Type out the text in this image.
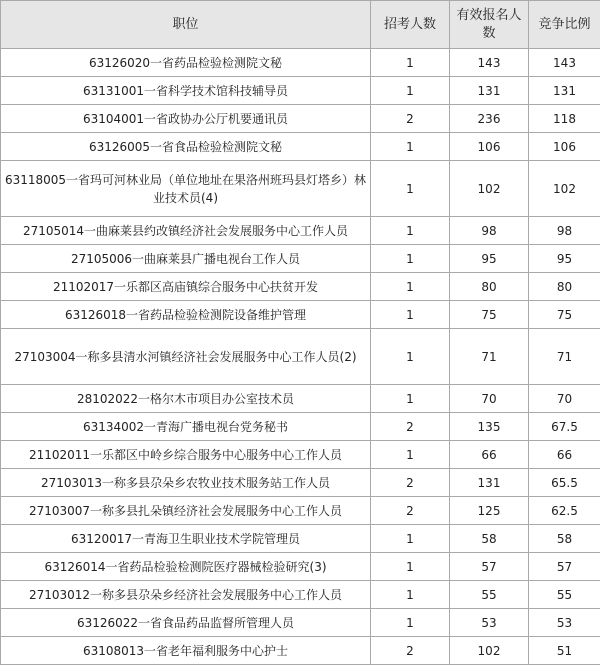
职位	招考人数	有效报名人数	竞争比例
63126020一省药品检验检测院文秘	1	143	143
63131001一省科学技术馆科技辅导员	1	131	131
63104001一省政协办公厅机要通讯员	2	236	118
63126005一省食品检验检测院文秘	1	106	106
63118005一省玛可河林业局（单位地址在果洛州班玛县灯塔乡）林业技术员(4)	1	102	102
27105014一曲麻莱县约改镇经济社会发展服务中心工作人员	1	98	98
27105006一曲麻莱县广播电视台工作人员	1	95	95
21102017一乐都区高庙镇综合服务中心扶贫开发	1	80	80
63126018一省药品检验检测院设备维护管理	1	75	75
27103004一称多县清水河镇经济社会发展服务中心工作人员(2)	1	71	71
28102022一格尔木市项目办公室技术员	1	70	70
63134002一青海广播电视台党务秘书	2	135	67.5
21102011一乐都区中岭乡综合服务中心服务中心工作人员	1	66	66
27103013一称多县尕朵乡农牧业技术服务站工作人员	2	131	65.5
27103007一称多县扎朵镇经济社会发展服务中心工作人员	2	125	62.5
63120017一青海卫生职业技术学院管理员	1	58	58
63126014一省药品检验检测院医疗器械检验研究(3)	1	57	57
27103012一称多县尕朵乡经济社会发展服务中心工作人员	1	55	55
63126022一省食品药品监督所管理人员	1	53	53
63108013一省老年福利服务中心护士	2	102	51
